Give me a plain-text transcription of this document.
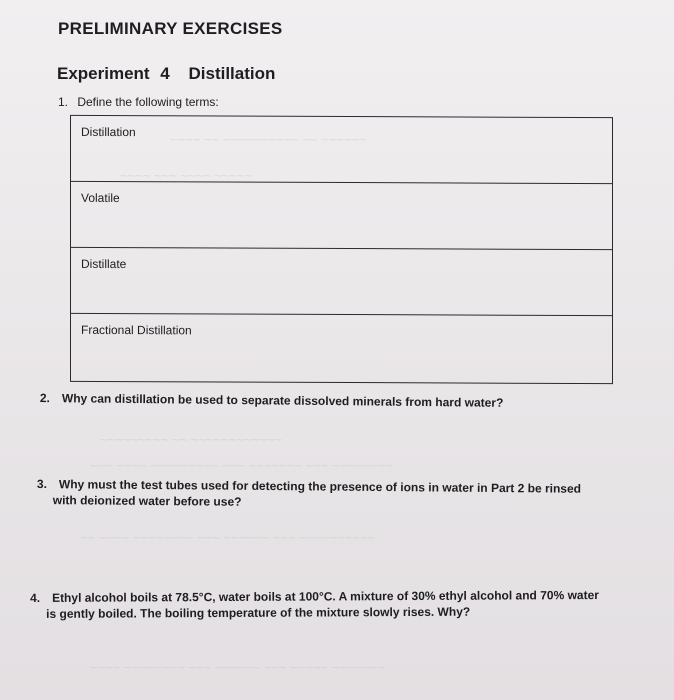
~~~~ ~~ ~~~~~~~~~~ ~~ ~~~~~~
~~~~ ~~~ ~~~~ ~~~~~
~~~~~~~~~ ~~ ~~~~~~~~~~~~
~~~ ~~~~ ~~~~~~~~~ ~~~ ~~~~~~~ ~~~ ~~~~~~~~
~~ ~~~~ ~~~~~~~~ ~~~ ~~~~~~ ~~~ ~~~~~~~~~~
~~~~ ~~~~~~~~ ~~~ ~~~~~~ ~~~ ~~~~~ ~~~~~~~
PRELIMINARY EXERCISES
Experiment 4 Distillation
1. Define the following terms:
Distillation
Volatile
Distillate
Fractional Distillation
2. Why can distillation be used to separate dissolved minerals from hard water?
3. Why must the test tubes used for detecting the presence of ions in water in Part 2 be rinsed
with deionized water before use?
4. Ethyl alcohol boils at 78.5°C, water boils at 100°C. A mixture of 30% ethyl alcohol and 70% water
is gently boiled. The boiling temperature of the mixture slowly rises. Why?
